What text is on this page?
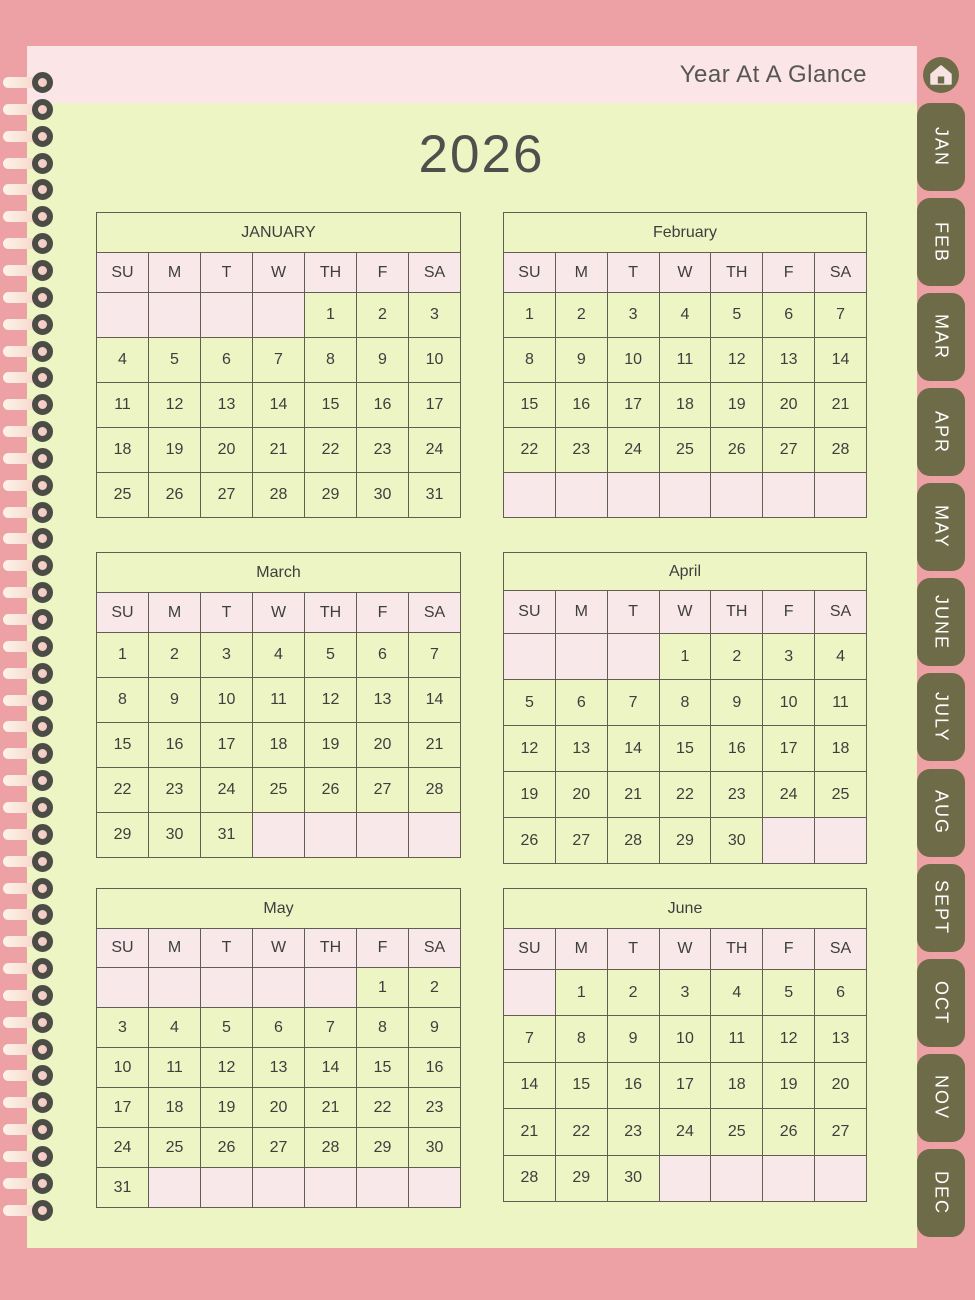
Year At A Glance
2026
JANUARY						
SU	M	T	W	TH	F	SA
				1	2	3
4	5	6	7	8	9	10
11	12	13	14	15	16	17
18	19	20	21	22	23	24
25	26	27	28	29	30	31
February						
SU	M	T	W	TH	F	SA
1	2	3	4	5	6	7
8	9	10	11	12	13	14
15	16	17	18	19	20	21
22	23	24	25	26	27	28

March						
SU	M	T	W	TH	F	SA
1	2	3	4	5	6	7
8	9	10	11	12	13	14
15	16	17	18	19	20	21
22	23	24	25	26	27	28
29	30	31				
April						
SU	M	T	W	TH	F	SA
			1	2	3	4
5	6	7	8	9	10	11
12	13	14	15	16	17	18
19	20	21	22	23	24	25
26	27	28	29	30		
May						
SU	M	T	W	TH	F	SA
					1	2
3	4	5	6	7	8	9
10	11	12	13	14	15	16
17	18	19	20	21	22	23
24	25	26	27	28	29	30
31						
June						
SU	M	T	W	TH	F	SA
	1	2	3	4	5	6
7	8	9	10	11	12	13
14	15	16	17	18	19	20
21	22	23	24	25	26	27
28	29	30				
JAN
FEB
MAR
APR
MAY
JUNE
JULY
AUG
SEPT
OCT
NOV
DEC
